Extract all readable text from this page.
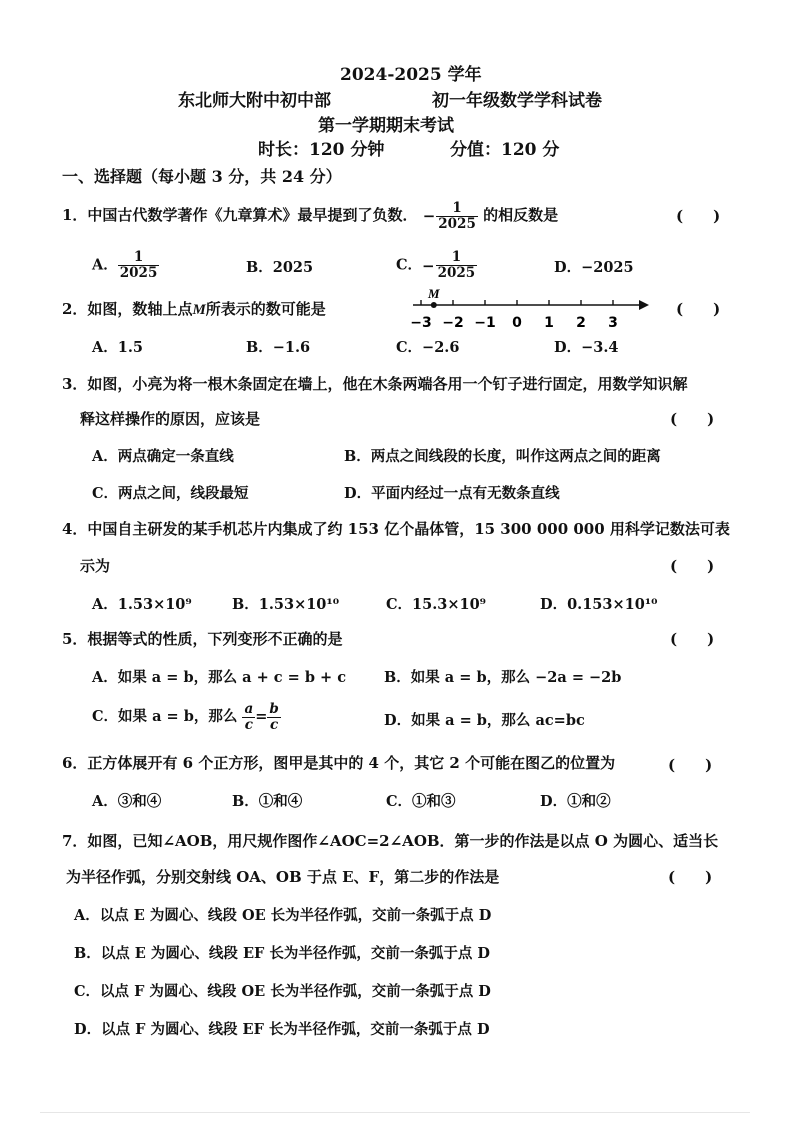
2024-2025 学年
东北师大附中初中部	初一年级数学学科试卷
第一学期期末考试
时长：120 分钟	分值：120 分
一、选择题（每小题 3 分，共 24 分）
1．中国古代数学著作《九章算术》最早提到了负数． − $\frac{1}{2025}$ 的相反数是	(　　)
A． $\frac{1}{2025}$	B．2025	C．− $\frac{1}{2025}$	D．−2025
2．如图，数轴上点M所表示的数可能是
−3 −2 −1 0 1 2 3
M
(　　)
A．1.5	B．−1.6	C．−2.6	D．−3.4
3．如图，小亮为将一根木条固定在墙上，他在木条两端各用一个钉子进行固定，用数学知识解
释这样操作的原因，应该是	(　　)
A．两点确定一条直线	B．两点之间线段的长度，叫作这两点之间的距离
C．两点之间，线段最短	D．平面内经过一点有无数条直线
4．中国自主研发的某手机芯片内集成了约 153 亿个晶体管，15 300 000 000 用科学记数法可表
示为	(　　)
A．1.53×10⁹	B．1.53×10¹⁰	C．15.3×10⁹	D．0.153×10¹⁰
5．根据等式的性质，下列变形不正确的是	(　　)
A．如果 a = b，那么 a + c = b + c	B．如果 a = b，那么 −2a = −2b
C．如果 a = b，那么 $\frac{a}{c} = \frac{b}{c}$	D．如果 a = b，那么 ac=bc
6．正方体展开有 6 个正方形，图甲是其中的 4 个，其它 2 个可能在图乙的位置为	(　　)
A．③和④	B．①和④	C．①和③	D．①和②
7．如图，已知∠AOB，用尺规作图作∠AOC=2∠AOB．第一步的作法是以点 O 为圆心、适当长
为半径作弧，分别交射线 OA、OB 于点 E、F，第二步的作法是	(　　)
A．以点 E 为圆心、线段 OE 长为半径作弧，交前一条弧于点 D
B．以点 E 为圆心、线段 EF 长为半径作弧，交前一条弧于点 D
C．以点 F 为圆心、线段 OE 长为半径作弧，交前一条弧于点 D
D．以点 F 为圆心、线段 EF 长为半径作弧，交前一条弧于点 D
